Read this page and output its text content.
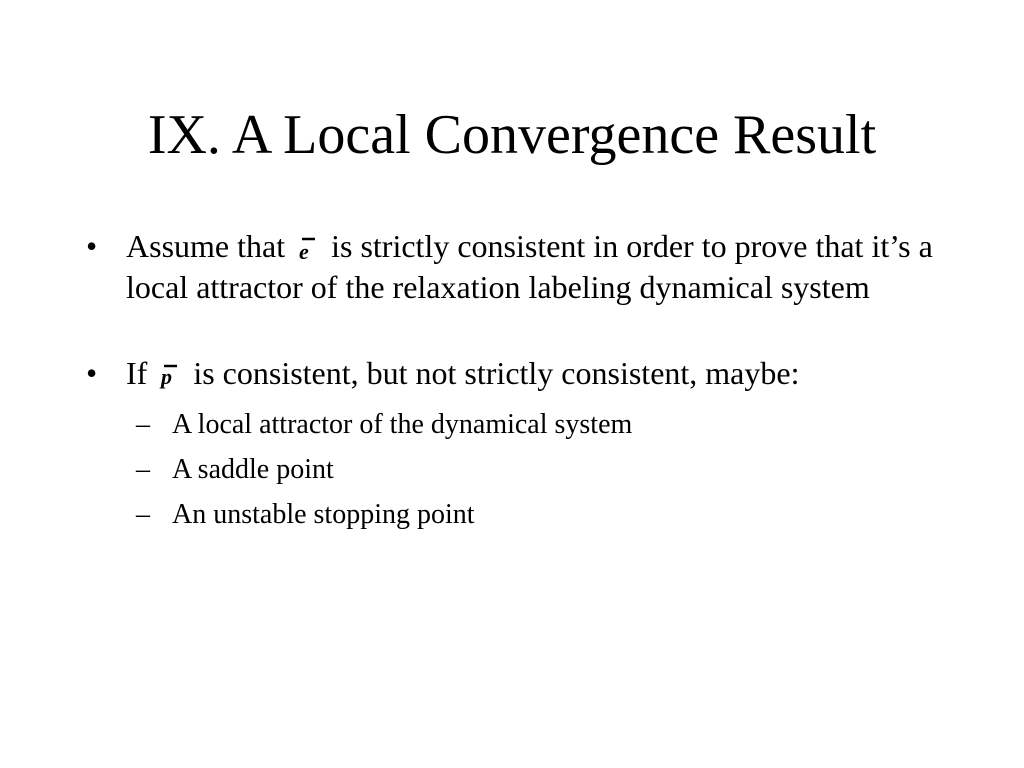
IX. A Local Convergence Result
• Assume that e is strictly consistent in order to prove that it’s a local attractor of the relaxation labeling dynamical system
• If p is consistent, but not strictly consistent, maybe:
– A local attractor of the dynamical system
– A saddle point
– An unstable stopping point
